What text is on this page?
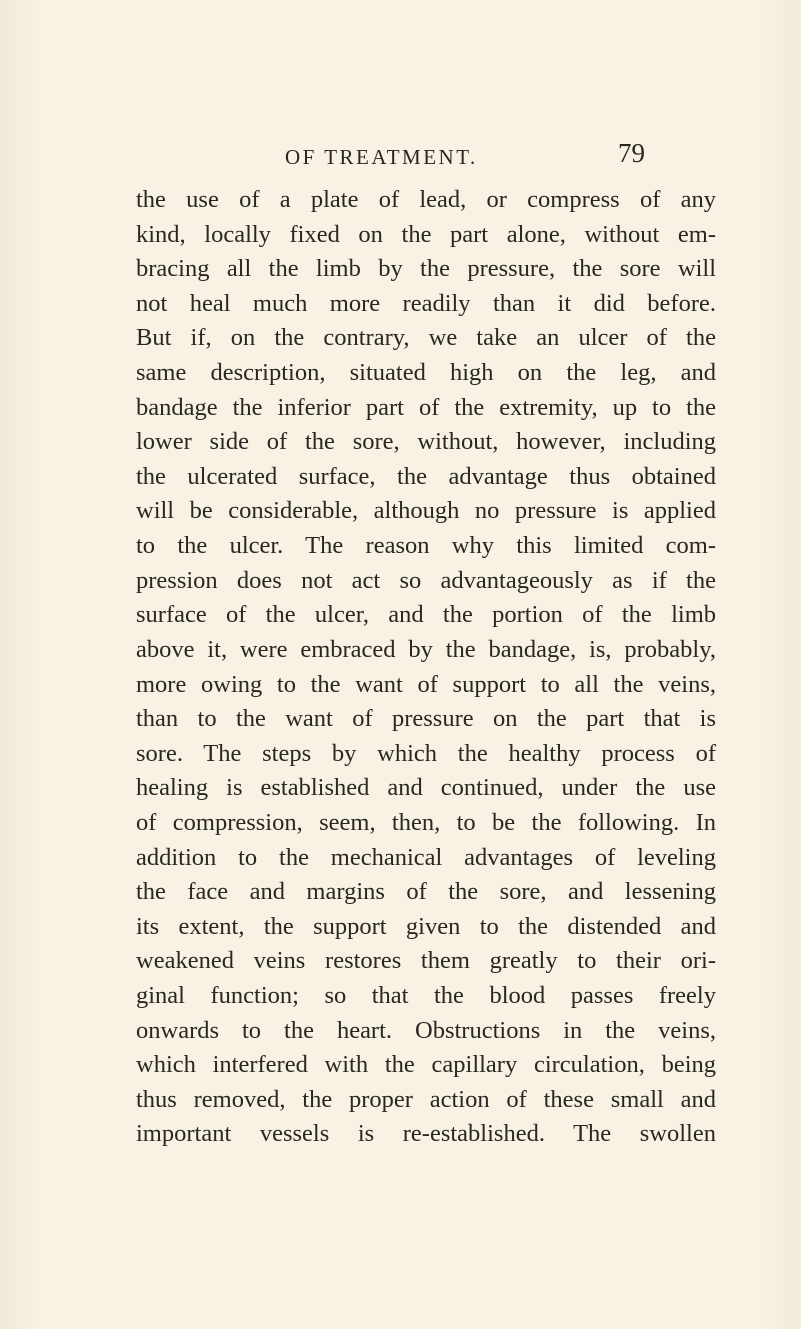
OF TREATMENT.	79
the use of a plate of lead, or compress of any
kind, locally fixed on the part alone, without em-
bracing all the limb by the pressure, the sore will
not heal much more readily than it did before.
But if, on the contrary, we take an ulcer of the
same description, situated high on the leg, and
bandage the inferior part of the extremity, up to the
lower side of the sore, without, however, including
the ulcerated surface, the advantage thus obtained
will be considerable, although no pressure is applied
to the ulcer. The reason why this limited com-
pression does not act so advantageously as if the
surface of the ulcer, and the portion of the limb
above it, were embraced by the bandage, is, probably,
more owing to the want of support to all the veins,
than to the want of pressure on the part that is
sore. The steps by which the healthy process of
healing is established and continued, under the use
of compression, seem, then, to be the following. In
addition to the mechanical advantages of leveling
the face and margins of the sore, and lessening
its extent, the support given to the distended and
weakened veins restores them greatly to their ori-
ginal function; so that the blood passes freely
onwards to the heart. Obstructions in the veins,
which interfered with the capillary circulation, being
thus removed, the proper action of these small and
important vessels is re-established. The swollen
